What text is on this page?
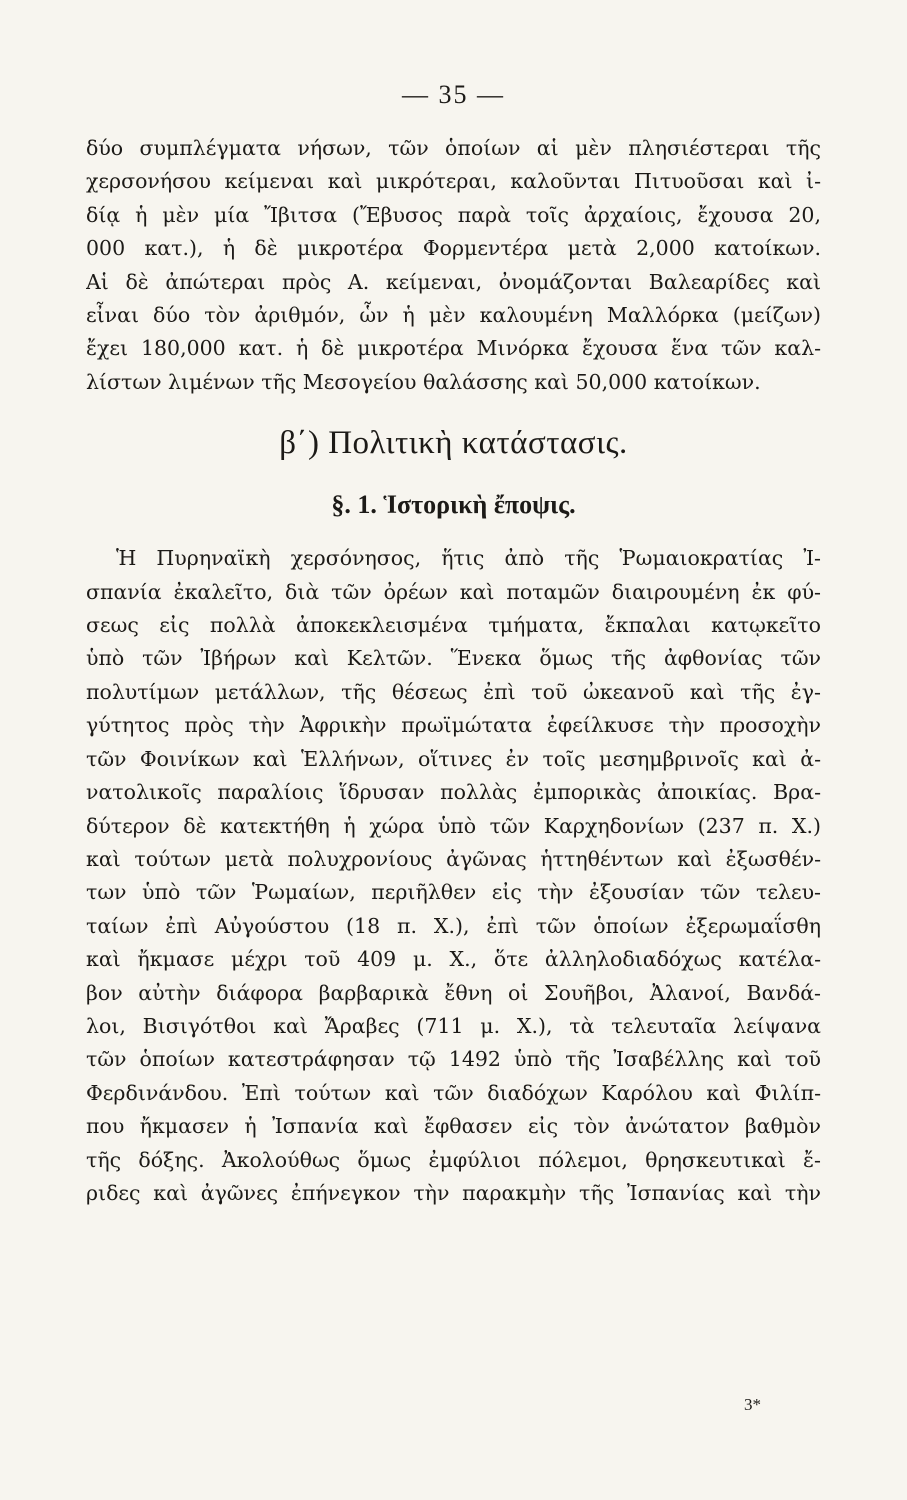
— 35 —

δύο συμπλέγματα νήσων, τῶν ὁποίων αἱ μὲν πλησιέστεραι τῆς
χερσονήσου κείμεναι καὶ μικρότεραι, καλοῦνται Πιτυοῦσαι καὶ ἰ-
δίᾳ ἡ μὲν μία Ἴβιτσα (Ἔβυσος παρὰ τοῖς ἀρχαίοις, ἔχουσα 20,
000 κατ.), ἡ δὲ μικροτέρα Φορμεντέρα μετὰ 2,000 κατοίκων.
Αἱ δὲ ἀπώτεραι πρὸς Α. κείμεναι, ὀνομάζονται Βαλεαρίδες καὶ
εἶναι δύο τὸν ἀριθμόν, ὧν ἡ μὲν καλουμένη Μαλλόρκα (μείζων)
ἔχει 180,000 κατ. ἡ δὲ μικροτέρα Μινόρκα ἔχουσα ἕνα τῶν καλ-
λίστων λιμένων τῆς Μεσογείου θαλάσσης καὶ 50,000 κατοίκων.

β΄) Πολιτικὴ κατάστασις.
§. 1. Ἱστορικὴ ἔποψις.

Ἡ Πυρηναϊκὴ χερσόνησος, ἥτις ἀπὸ τῆς Ῥωμαιοκρατίας Ἰ-
σπανία ἐκαλεῖτο, διὰ τῶν ὀρέων καὶ ποταμῶν διαιρουμένη ἐκ φύ-
σεως εἰς πολλὰ ἀποκεκλεισμένα τμήματα, ἔκπαλαι κατῳκεῖτο
ὑπὸ τῶν Ἰβήρων καὶ Κελτῶν. Ἕνεκα ὅμως τῆς ἀφθονίας τῶν
πολυτίμων μετάλλων, τῆς θέσεως ἐπὶ τοῦ ὠκεανοῦ καὶ τῆς ἐγ-
γύτητος πρὸς τὴν Ἀφρικὴν πρωϊμώτατα ἐφείλκυσε τὴν προσοχὴν
τῶν Φοινίκων καὶ Ἑλλήνων, οἵτινες ἐν τοῖς μεσημβρινοῖς καὶ ἀ-
νατολικοῖς παραλίοις ἵδρυσαν πολλὰς ἐμπορικὰς ἀποικίας. Βρα-
δύτερον δὲ κατεκτήθη ἡ χώρα ὑπὸ τῶν Καρχηδονίων (237 π. Χ.)
καὶ τούτων μετὰ πολυχρονίους ἀγῶνας ἡττηθέντων καὶ ἐξωσθέν-
των ὑπὸ τῶν Ῥωμαίων, περιῆλθεν εἰς τὴν ἐξουσίαν τῶν τελευ-
ταίων ἐπὶ Αὐγούστου (18 π. Χ.), ἐπὶ τῶν ὁποίων ἐξερωμαΐσθη
καὶ ἤκμασε μέχρι τοῦ 409 μ. Χ., ὅτε ἀλληλοδιαδόχως κατέλα-
βον αὐτὴν διάφορα βαρβαρικὰ ἔθνη οἱ Σουῆβοι, Ἀλανοί, Βανδά-
λοι, Βισιγότθοι καὶ Ἄραβες (711 μ. Χ.), τὰ τελευταῖα λείψανα
τῶν ὁποίων κατεστράφησαν τῷ 1492 ὑπὸ τῆς Ἰσαβέλλης καὶ τοῦ
Φερδινάνδου. Ἐπὶ τούτων καὶ τῶν διαδόχων Καρόλου καὶ Φιλίπ-
που ἤκμασεν ἡ Ἰσπανία καὶ ἔφθασεν εἰς τὸν ἀνώτατον βαθμὸν
τῆς δόξης. Ἀκολούθως ὅμως ἐμφύλιοι πόλεμοι, θρησκευτικαὶ ἔ-
ριδες καὶ ἀγῶνες ἐπήνεγκον τὴν παρακμὴν τῆς Ἰσπανίας καὶ τὴν

3*
